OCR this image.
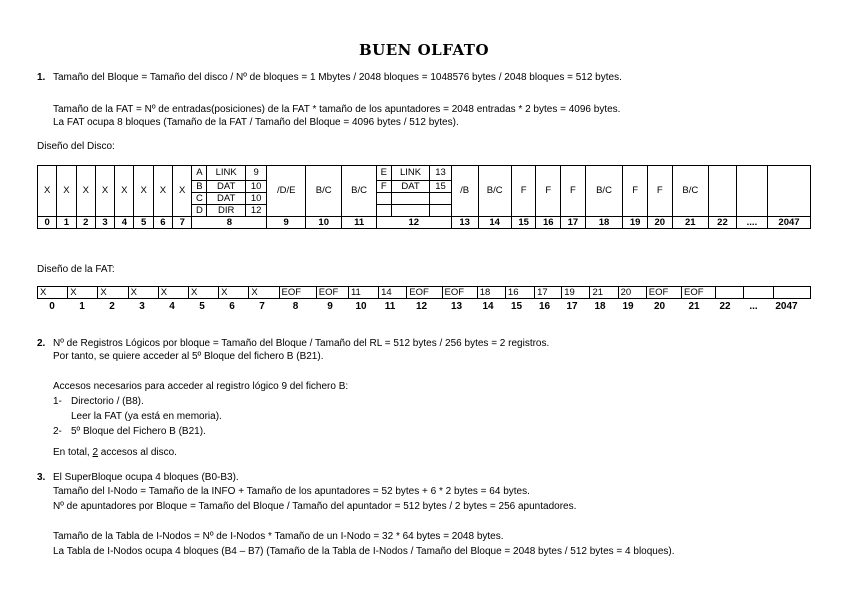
BUEN OLFATO
1. Tamaño del Bloque = Tamaño del disco / Nº de bloques = 1 Mbytes / 2048 bloques = 1048576 bytes / 2048 bloques = 512 bytes.
Tamaño de la FAT = Nº de entradas(posiciones) de la FAT * tamaño de los apuntadores = 2048 entradas * 2 bytes = 4096 bytes.
La FAT ocupa 8 bloques (Tamaño de la FAT / Tamaño del Bloque = 4096 bytes / 512 bytes).
Diseño del Disco:
X	X	X	X	X	X	X	X	A	LINK	9	/D/E	B/C	B/C	E	LINK	13	/B	B/C	F	F	F	B/C	F	F	B/C			
								B	DAT	10				F	DAT	15												
								C	DAT	10																		
								D	DIR	12																		
0	1	2	3	4	5	6	7	8			9	10	11	12			13	14	15	16	17	18	19	20	21	22	....	2047
Diseño de la FAT:
X	X	X	X	X	X	X	X	EOF	EOF	11	14	EOF	EOF	18	16	17	19	21	20	EOF	EOF			
0	1	2	3	4	5	6	7	8	9	10	11	12	13	14	15	16	17	18	19	20	21	22	...	2047
2. Nº de Registros Lógicos por bloque = Tamaño del Bloque / Tamaño del RL = 512 bytes / 256 bytes = 2 registros.
Por tanto, se quiere acceder al 5º Bloque del fichero B (B21).
Accesos necesarios para acceder al registro lógico 9 del fichero B:
1- Directorio / (B8).
Leer la FAT (ya está en memoria).
2- 5º Bloque del Fichero B (B21).
En total, 2 accesos al disco.
3. El SuperBloque ocupa 4 bloques (B0-B3).
Tamaño del I-Nodo = Tamaño de la INFO + Tamaño de los apuntadores = 52 bytes + 6 * 2 bytes = 64 bytes.
Nº de apuntadores por Bloque = Tamaño del Bloque / Tamaño del apuntador = 512 bytes / 2 bytes = 256 apuntadores.
Tamaño de la Tabla de I-Nodos = Nº de I-Nodos * Tamaño de un I-Nodo = 32 * 64 bytes = 2048 bytes.
La Tabla de I-Nodos ocupa 4 bloques (B4 – B7) (Tamaño de la Tabla de I-Nodos / Tamaño del Bloque = 2048 bytes / 512 bytes = 4 bloques).
